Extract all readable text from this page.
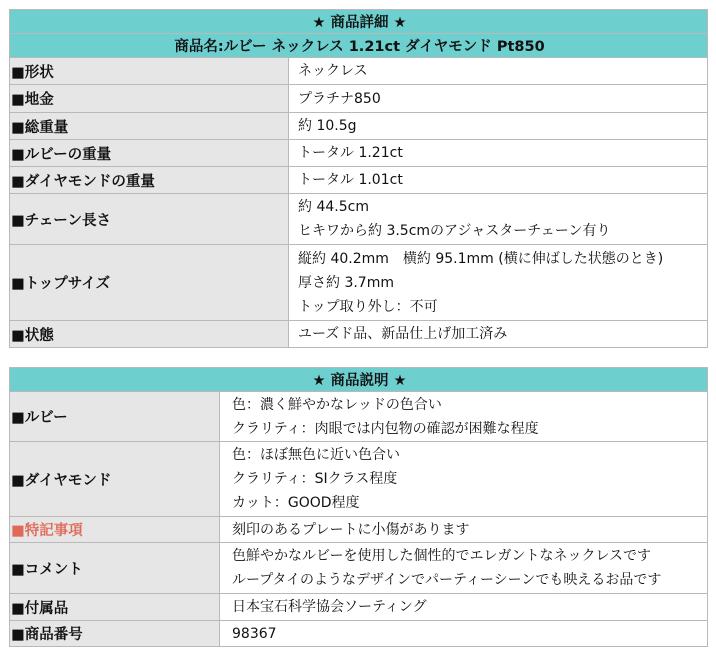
★ 商品詳細 ★	
商品名:ルビー ネックレス 1.21ct ダイヤモンド Pt850	
■形状	ネックレス

■地金	プラチナ850

■総重量	約 10.5g

■ルビーの重量	トータル 1.21ct

■ダイヤモンドの重量	トータル 1.01ct

■チェーン長さ	約 44.5cm
ヒキワから約 3.5cmのアジャスターチェーン有り

■トップサイズ	縦約 40.2mm　横約 95.1mm (横に伸ばした状態のとき)
厚さ約 3.7mm
トップ取り外し：不可

■状態	ユーズド品、新品仕上げ加工済み
★ 商品説明 ★	
■ルビー	色：濃く鮮やかなレッドの色合い
クラリティ：肉眼では内包物の確認が困難な程度

■ダイヤモンド	色：ほぼ無色に近い色合い
クラリティ：SIクラス程度
カット：GOOD程度

■特記事項	刻印のあるプレートに小傷があります

■コメント	色鮮やかなルビーを使用した個性的でエレガントなネックレスです
ループタイのようなデザインでパーティーシーンでも映えるお品です

■付属品	日本宝石科学協会ソーティング

■商品番号	98367
